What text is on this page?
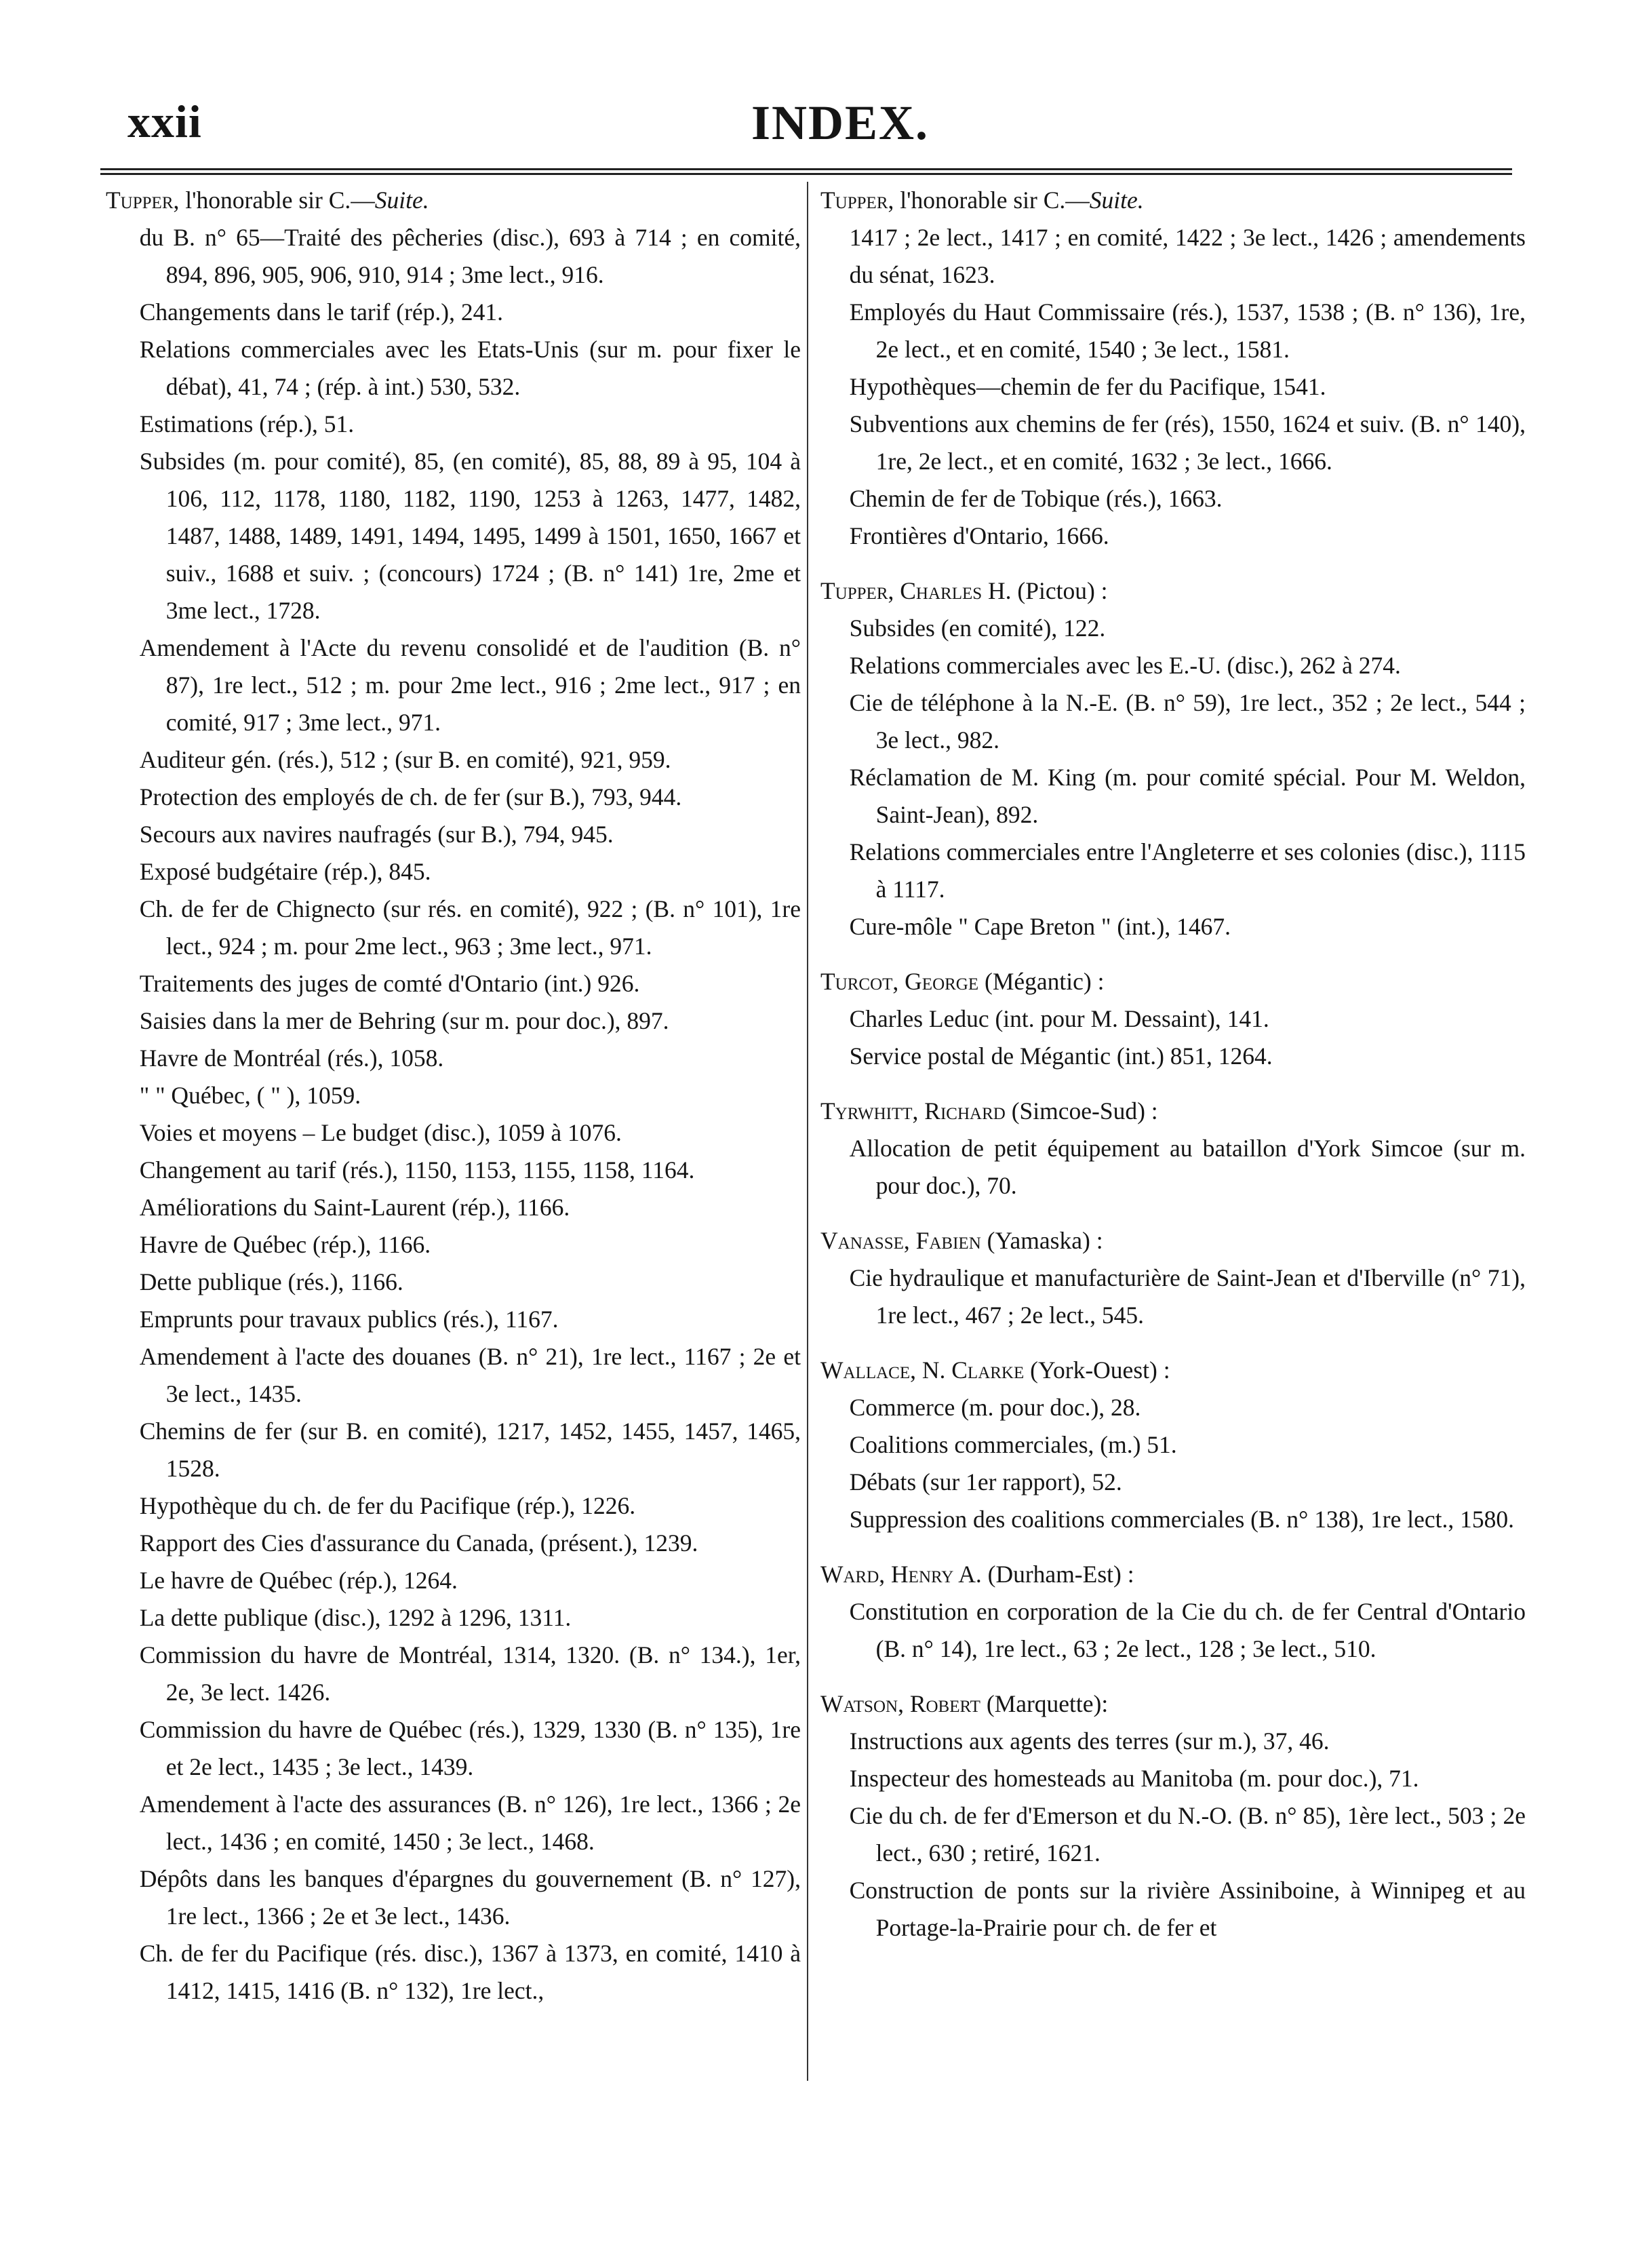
xxii	INDEX.
Tupper, l'honorable sir C.—Suite.
du B. n° 65—Traité des pêcheries (disc.), 693 à 714 ; en comité, 894, 896, 905, 906, 910, 914 ; 3me lect., 916.
Changements dans le tarif (rép.), 241.
Relations commerciales avec les Etats-Unis (sur m. pour fixer le débat), 41, 74 ; (rép. à int.) 530, 532.
Estimations (rép.), 51.
Subsides (m. pour comité), 85, (en comité), 85, 88, 89 à 95, 104 à 106, 112, 1178, 1180, 1182, 1190, 1253 à 1263, 1477, 1482, 1487, 1488, 1489, 1491, 1494, 1495, 1499 à 1501, 1650, 1667 et suiv., 1688 et suiv. ; (concours) 1724 ; (B. n° 141) 1re, 2me et 3me lect., 1728.
Amendement à l'Acte du revenu consolidé et de l'audition (B. n° 87), 1re lect., 512 ; m. pour 2me lect., 916 ; 2me lect., 917 ; en comité, 917 ; 3me lect., 971.
Auditeur gén. (rés.), 512 ; (sur B. en comité), 921, 959.
Protection des employés de ch. de fer (sur B.), 793, 944.
Secours aux navires naufragés (sur B.), 794, 945.
Exposé budgétaire (rép.), 845.
Ch. de fer de Chignecto (sur rés. en comité), 922 ; (B. n° 101), 1re lect., 924 ; m. pour 2me lect., 963 ; 3me lect., 971.
Traitements des juges de comté d'Ontario (int.) 926.
Saisies dans la mer de Behring (sur m. pour doc.), 897.
Havre de Montréal (rés.), 1058.
" " Québec, ( " ), 1059.
Voies et moyens – Le budget (disc.), 1059 à 1076.
Changement au tarif (rés.), 1150, 1153, 1155, 1158, 1164.
Améliorations du Saint-Laurent (rép.), 1166.
Havre de Québec (rép.), 1166.
Dette publique (rés.), 1166.
Emprunts pour travaux publics (rés.), 1167.
Amendement à l'acte des douanes (B. n° 21), 1re lect., 1167 ; 2e et 3e lect., 1435.
Chemins de fer (sur B. en comité), 1217, 1452, 1455, 1457, 1465, 1528.
Hypothèque du ch. de fer du Pacifique (rép.), 1226.
Rapport des Cies d'assurance du Canada, (présent.), 1239.
Le havre de Québec (rép.), 1264.
La dette publique (disc.), 1292 à 1296, 1311.
Commission du havre de Montréal, 1314, 1320. (B. n° 134.), 1er, 2e, 3e lect. 1426.
Commission du havre de Québec (rés.), 1329, 1330 (B. n° 135), 1re et 2e lect., 1435 ; 3e lect., 1439.
Amendement à l'acte des assurances (B. n° 126), 1re lect., 1366 ; 2e lect., 1436 ; en comité, 1450 ; 3e lect., 1468.
Dépôts dans les banques d'épargnes du gouvernement (B. n° 127), 1re lect., 1366 ; 2e et 3e lect., 1436.
Ch. de fer du Pacifique (rés. disc.), 1367 à 1373, en comité, 1410 à 1412, 1415, 1416 (B. n° 132), 1re lect.,
Tupper, l'honorable sir C.—Suite.
1417 ; 2e lect., 1417 ; en comité, 1422 ; 3e lect., 1426 ; amendements du sénat, 1623.
Employés du Haut Commissaire (rés.), 1537, 1538 ; (B. n° 136), 1re, 2e lect., et en comité, 1540 ; 3e lect., 1581.
Hypothèques—chemin de fer du Pacifique, 1541.
Subventions aux chemins de fer (rés), 1550, 1624 et suiv. (B. n° 140), 1re, 2e lect., et en comité, 1632 ; 3e lect., 1666.
Chemin de fer de Tobique (rés.), 1663.
Frontières d'Ontario, 1666.
Tupper, Charles H. (Pictou) :
Subsides (en comité), 122.
Relations commerciales avec les E.-U. (disc.), 262 à 274.
Cie de téléphone à la N.-E. (B. n° 59), 1re lect., 352 ; 2e lect., 544 ; 3e lect., 982.
Réclamation de M. King (m. pour comité spécial. Pour M. Weldon, Saint-Jean), 892.
Relations commerciales entre l'Angleterre et ses colonies (disc.), 1115 à 1117.
Cure-môle " Cape Breton " (int.), 1467.
Turcot, George (Mégantic) :
Charles Leduc (int. pour M. Dessaint), 141.
Service postal de Mégantic (int.) 851, 1264.
Tyrwhitt, Richard (Simcoe-Sud) :
Allocation de petit équipement au bataillon d'York Simcoe (sur m. pour doc.), 70.
Vanasse, Fabien (Yamaska) :
Cie hydraulique et manufacturière de Saint-Jean et d'Iberville (n° 71), 1re lect., 467 ; 2e lect., 545.
Wallace, N. Clarke (York-Ouest) :
Commerce (m. pour doc.), 28.
Coalitions commerciales, (m.) 51.
Débats (sur 1er rapport), 52.
Suppression des coalitions commerciales (B. n° 138), 1re lect., 1580.
Ward, Henry A. (Durham-Est) :
Constitution en corporation de la Cie du ch. de fer Central d'Ontario (B. n° 14), 1re lect., 63 ; 2e lect., 128 ; 3e lect., 510.
Watson, Robert (Marquette):
Instructions aux agents des terres (sur m.), 37, 46.
Inspecteur des homesteads au Manitoba (m. pour doc.), 71.
Cie du ch. de fer d'Emerson et du N.-O. (B. n° 85), 1ère lect., 503 ; 2e lect., 630 ; retiré, 1621.
Construction de ponts sur la rivière Assiniboine, à Winnipeg et au Portage-la-Prairie pour ch. de fer et
